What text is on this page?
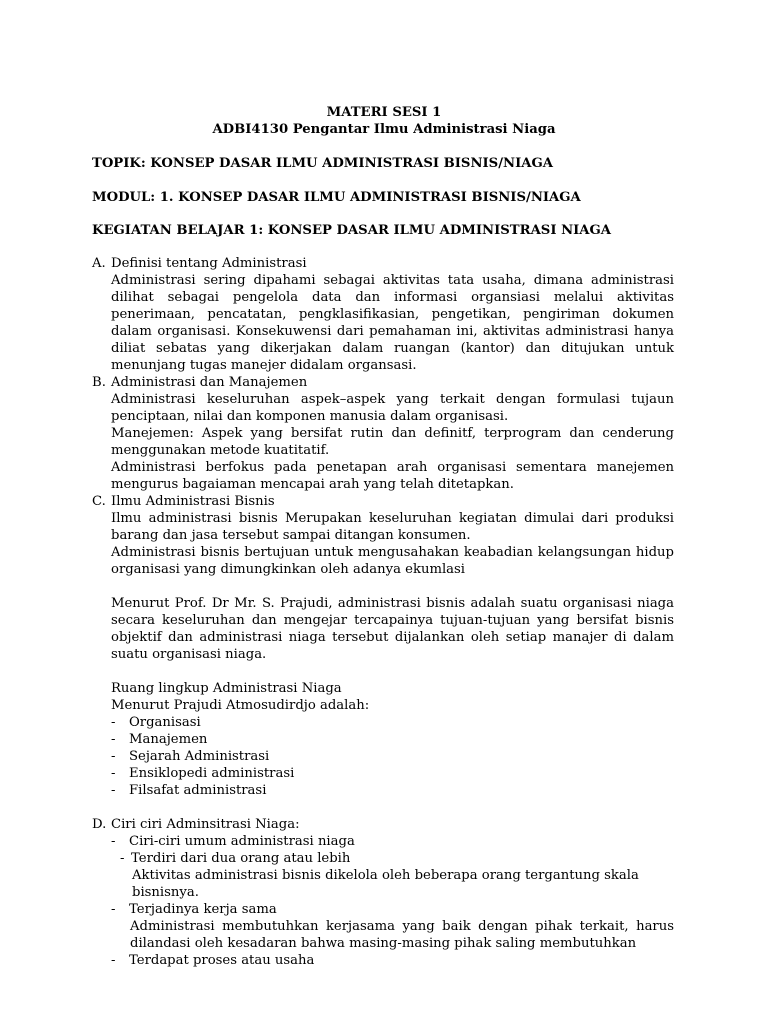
MATERI SESI 1
ADBI4130 Pengantar Ilmu Administrasi Niaga
TOPIK: KONSEP DASAR ILMU ADMINISTRASI BISNIS/NIAGA
MODUL: 1. KONSEP DASAR ILMU ADMINISTRASI BISNIS/NIAGA
KEGIATAN BELAJAR 1: KONSEP DASAR ILMU ADMINISTRASI NIAGA
A. Definisi tentang Administrasi
Administrasi sering dipahami sebagai aktivitas tata usaha, dimana administrasi dilihat sebagai pengelola data dan informasi organsiasi melalui aktivitas penerimaan, pencatatan, pengklasifikasian, pengetikan, pengiriman dokumen dalam organisasi. Konsekuwensi dari pemahaman ini, aktivitas administrasi hanya diliat sebatas yang dikerjakan dalam ruangan (kantor) dan ditujukan untuk menunjang tugas manejer didalam organsasi.
B. Administrasi dan Manajemen
Administrasi keseluruhan aspek–aspek yang terkait dengan formulasi tujaun penciptaan, nilai dan komponen manusia dalam organisasi.
Manejemen: Aspek yang bersifat rutin dan definitf, terprogram dan cenderung menggunakan metode kuatitatif.
Administrasi berfokus pada penetapan arah organisasi sementara manejemen mengurus bagaiaman mencapai arah yang telah ditetapkan.
C. Ilmu Administrasi Bisnis
Ilmu administrasi bisnis Merupakan keseluruhan kegiatan dimulai dari produksi barang dan jasa tersebut sampai ditangan konsumen.
Administrasi bisnis bertujuan untuk mengusahakan keabadian kelangsungan hidup organisasi yang dimungkinkan oleh adanya ekumlasi
Menurut Prof. Dr Mr. S. Prajudi, administrasi bisnis adalah suatu organisasi niaga secara keseluruhan dan mengejar tercapainya tujuan-tujuan yang bersifat bisnis objektif dan administrasi niaga tersebut dijalankan oleh setiap manajer di dalam suatu organisasi niaga.
Ruang lingkup Administrasi Niaga
Menurut Prajudi Atmosudirdjo adalah:
-	Organisasi
-	Manajemen
-	Sejarah Administrasi
-	Ensiklopedi administrasi
-	Filsafat administrasi
D. Ciri ciri Adminsitrasi Niaga:
-	Ciri-ciri umum administrasi niaga
- Terdiri dari dua orang atau lebih
Aktivitas administrasi bisnis dikelola oleh beberapa orang tergantung skala bisnisnya.
-	Terjadinya kerja sama
Administrasi membutuhkan kerjasama yang baik dengan pihak terkait, harus dilandasi oleh kesadaran bahwa masing-masing pihak saling membutuhkan
-	Terdapat proses atau usaha
